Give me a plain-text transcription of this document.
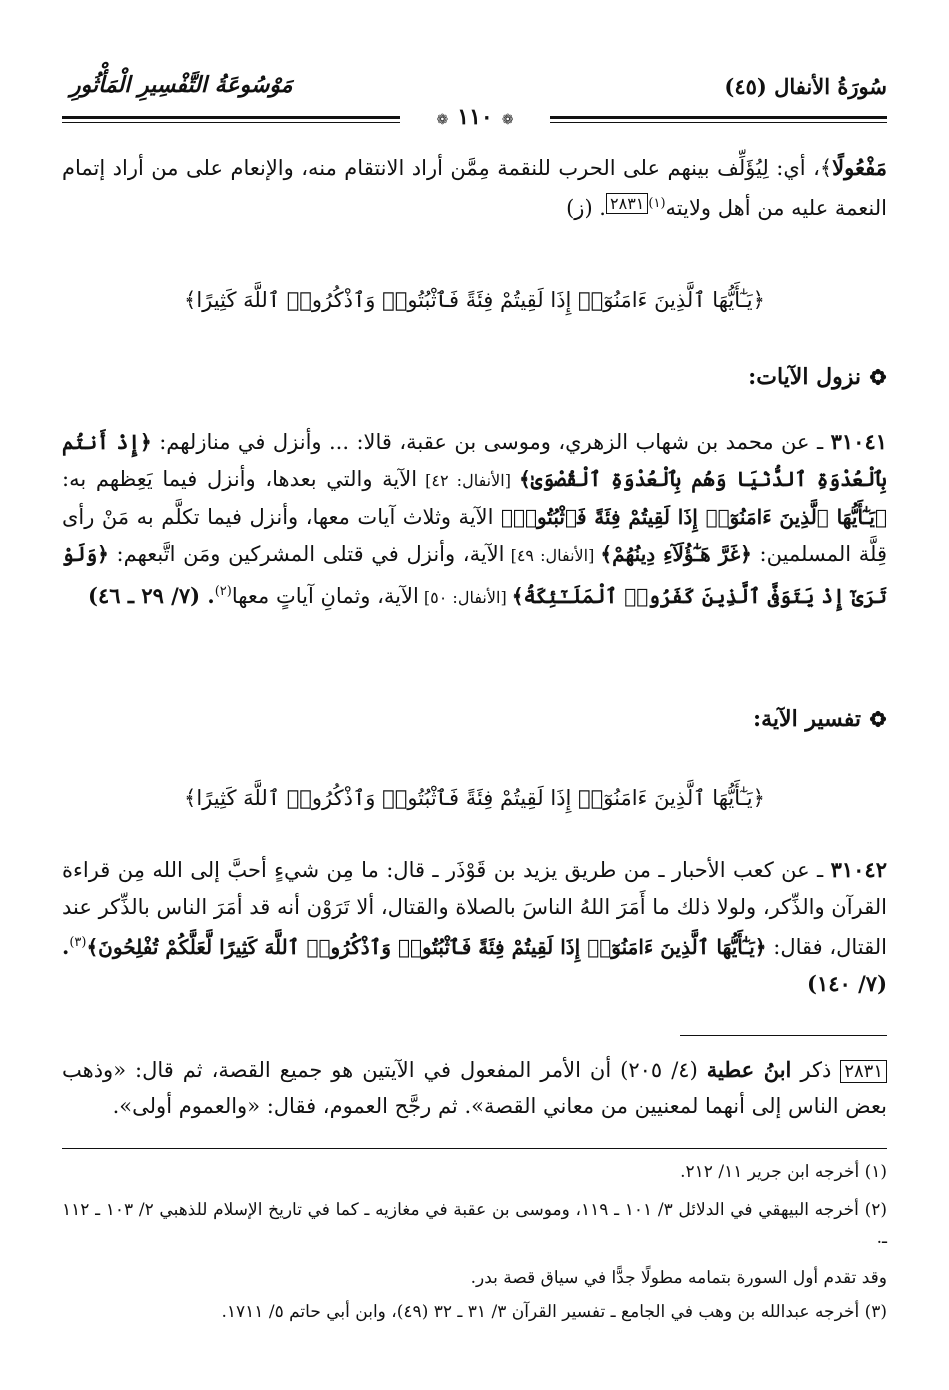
مَوْسُوعَةُ التَّفْسِيرِ الْمَأْثُورِ	سُورَةُ الأنفال (٤٥)
❁ ١١٠ ❁
مَفْعُولًا﴾، أي: لِيُؤَلِّف بينهم على الحرب للنقمة مِمَّن أراد الانتقام منه، والإنعام على من أراد إتمام النعمة عليه من أهل ولايته$^{(١)٢٨٣١}$. (ز)
﴿يَـٰٓأَيُّهَا ٱلَّذِينَ ءَامَنُوٓا۟ إِذَا لَقِيتُمْ فِئَةً فَٱثْبُتُوا۟ وَٱذْكُرُوا۟ ٱللَّهَ كَثِيرًا﴾
نزول الآيات:
٣١٠٤١ ـ عن محمد بن شهاب الزهري، وموسى بن عقبة، قالا: ... وأنزل في منازلهم: ﴿إِذْ أَنتُم بِٱلْعُدْوَةِ ٱلدُّنْيَا وَهُم بِٱلْعُدْوَةِ ٱلْقُصْوَىٰ﴾ [الأنفال: ٤٢] الآية والتي بعدها، وأنزل فيما يَعِظهم به: ﴿يَـٰٓأَيُّهَا ٱلَّذِينَ ءَامَنُوٓا۟ إِذَا لَقِيتُمْ فِئَةً فَٱثْبُتُوا۟﴾ الآية وثلاث آيات معها، وأنزل فيما تكلَّم به مَنْ رأى قِلَّة المسلمين: ﴿غَرَّ هَـٰٓؤُلَآءِ دِينُهُمْ﴾ [الأنفال: ٤٩] الآية، وأنزل في قتلى المشركين ومَن اتَّبعهم: ﴿وَلَوْ تَرَىٰٓ إِذْ يَتَوَفَّى ٱلَّذِينَ كَفَرُوا۟ ٱلْمَلَـٰٓئِكَةُ﴾ [الأنفال: ٥٠] الآية، وثمانِ آياتٍ معها$^{(٢)}$. (٧/ ٢٩ ـ ٤٦)
تفسير الآية:
﴿يَـٰٓأَيُّهَا ٱلَّذِينَ ءَامَنُوٓا۟ إِذَا لَقِيتُمْ فِئَةً فَٱثْبُتُوا۟ وَٱذْكُرُوا۟ ٱللَّهَ كَثِيرًا﴾
٣١٠٤٢ ـ عن كعب الأحبار ـ من طريق يزيد بن قَوْذَر ـ قال: ما مِن شيءٍ أحبَّ إلى الله مِن قراءة القرآن والذِّكر، ولولا ذلك ما أَمَرَ اللهُ الناسَ بالصلاة والقتال، ألا تَرَوْن أنه قد أمَرَ الناس بالذِّكر عند القتال، فقال: ﴿يَـٰٓأَيُّهَا ٱلَّذِينَ ءَامَنُوٓا۟ إِذَا لَقِيتُمْ فِئَةً فَٱثْبُتُوا۟ وَٱذْكُرُوا۟ ٱللَّهَ كَثِيرًا لَّعَلَّكُمْ تُفْلِحُونَ﴾$^{(٣)}$. (٧/ ١٤٠)
٢٨٣١ ذكر ابنُ عطية (٤/ ٢٠٥) أن الأمر المفعول في الآيتين هو جميع القصة، ثم قال: «وذهب بعض الناس إلى أنهما لمعنيين من معاني القصة». ثم رجَّح العموم، فقال: «والعموم أولى».
(١) أخرجه ابن جرير ١١/ ٢١٢.
(٢) أخرجه البيهقي في الدلائل ٣/ ١٠١ ـ ١١٩، وموسى بن عقبة في مغازيه ـ كما في تاريخ الإسلام للذهبي ٢/ ١٠٣ ـ ١١٢ ـ.
وقد تقدم أول السورة بتمامه مطولًا جدًّا في سياق قصة بدر.
(٣) أخرجه عبدالله بن وهب في الجامع ـ تفسير القرآن ٣/ ٣١ ـ ٣٢ (٤٩)، وابن أبي حاتم ٥/ ١٧١١.
